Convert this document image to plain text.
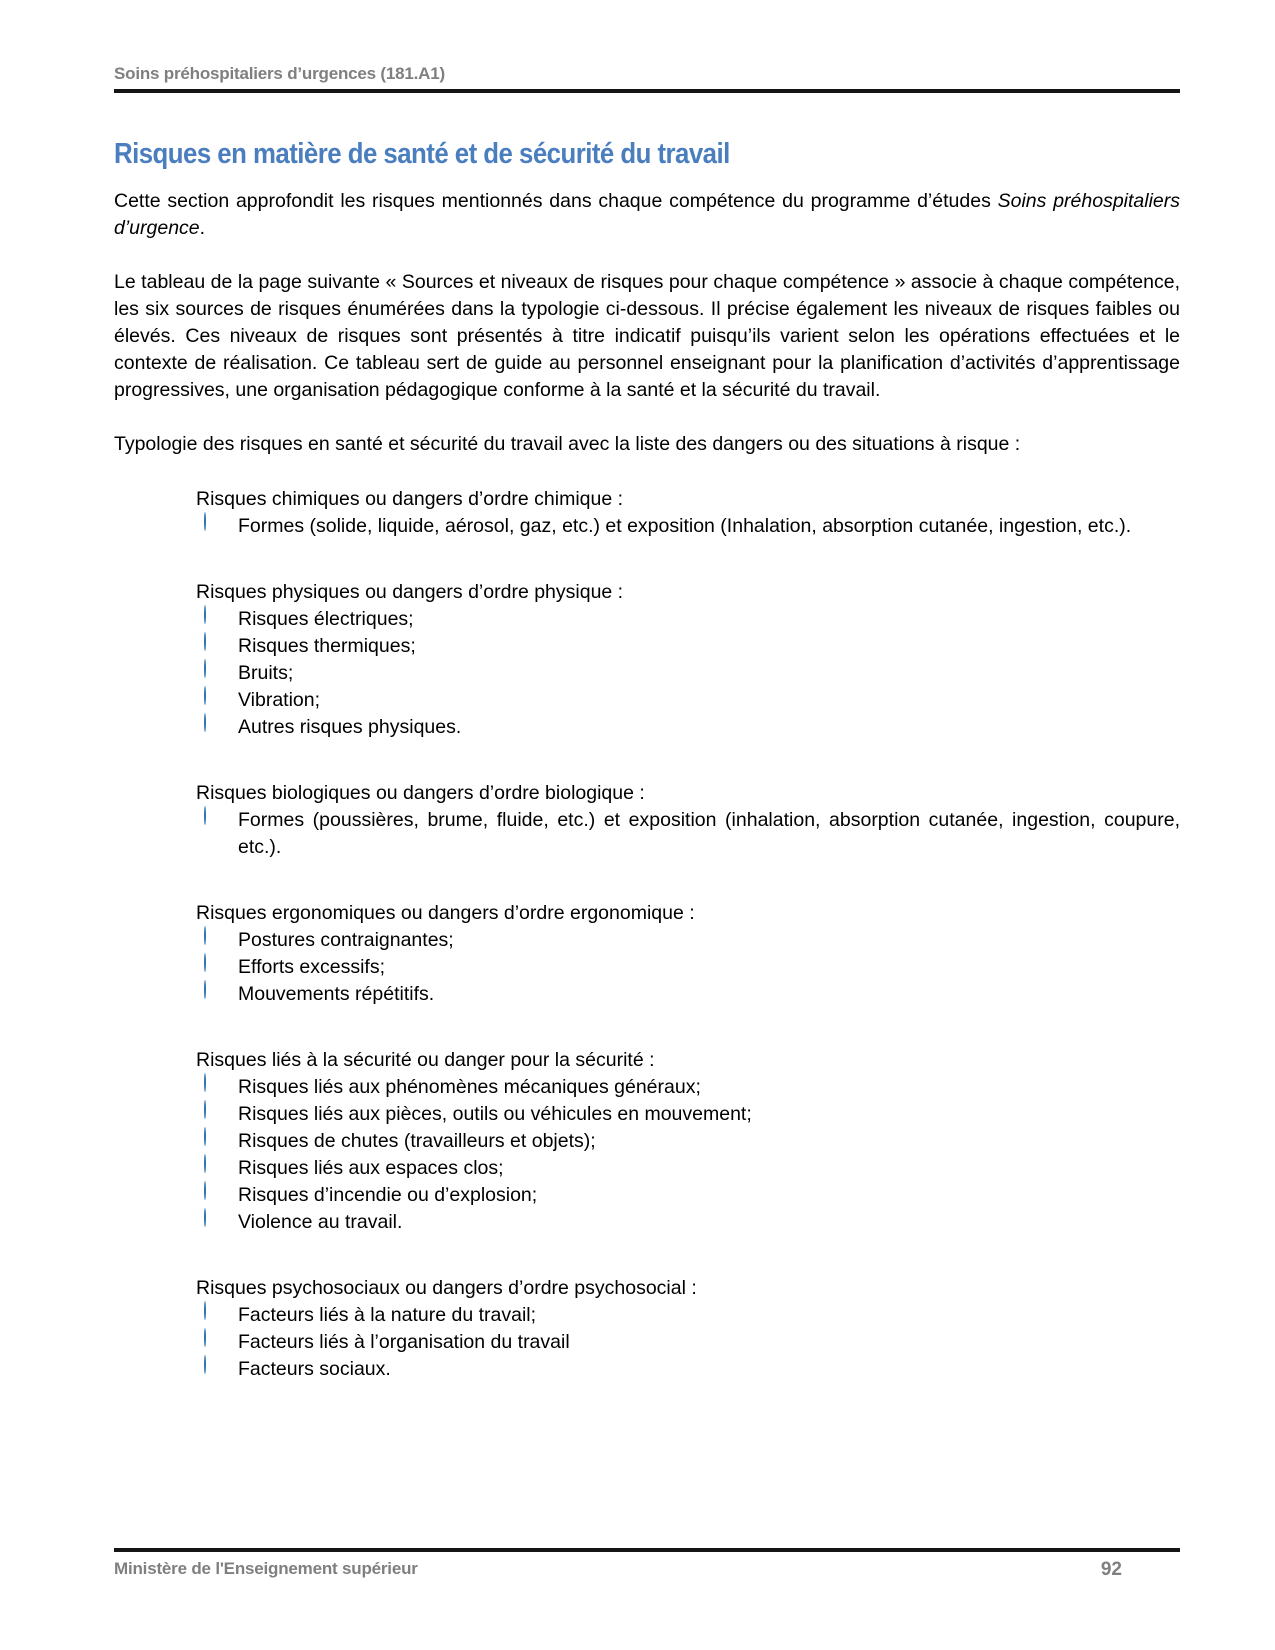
Soins préhospitaliers d’urgences (181.A1)
Risques en matière de santé et de sécurité du travail

Cette section approfondit les risques mentionnés dans chaque compétence du programme d’études Soins préhospitaliers d’urgence.

Le tableau de la page suivante « Sources et niveaux de risques pour chaque compétence » associe à chaque compétence, les six sources de risques énumérées dans la typologie ci-dessous. Il précise également les niveaux de risques faibles ou élevés. Ces niveaux de risques sont présentés à titre indicatif puisqu’ils varient selon les opérations effectuées et le contexte de réalisation. Ce tableau sert de guide au personnel enseignant pour la planification d’activités d’apprentissage progressives, une organisation pédagogique conforme à la santé et la sécurité du travail.

Typologie des risques en santé et sécurité du travail avec la liste des dangers ou des situations à risque :

Risques chimiques ou dangers d’ordre chimique :
Formes (solide, liquide, aérosol, gaz, etc.) et exposition (Inhalation, absorption cutanée, ingestion, etc.).
Risques physiques ou dangers d’ordre physique :
Risques électriques;
Risques thermiques;
Bruits;
Vibration;
Autres risques physiques.
Risques biologiques ou dangers d’ordre biologique :
Formes (poussières, brume, fluide, etc.) et exposition (inhalation, absorption cutanée, ingestion, coupure, etc.).
Risques ergonomiques ou dangers d’ordre ergonomique :
Postures contraignantes;
Efforts excessifs;
Mouvements répétitifs.
Risques liés à la sécurité ou danger pour la sécurité :
Risques liés aux phénomènes mécaniques généraux;
Risques liés aux pièces, outils ou véhicules en mouvement;
Risques de chutes (travailleurs et objets);
Risques liés aux espaces clos;
Risques d’incendie ou d’explosion;
Violence au travail.
Risques psychosociaux ou dangers d’ordre psychosocial :
Facteurs liés à la nature du travail;
Facteurs liés à l’organisation du travail
Facteurs sociaux.
Ministère de l'Enseignement supérieur	92
